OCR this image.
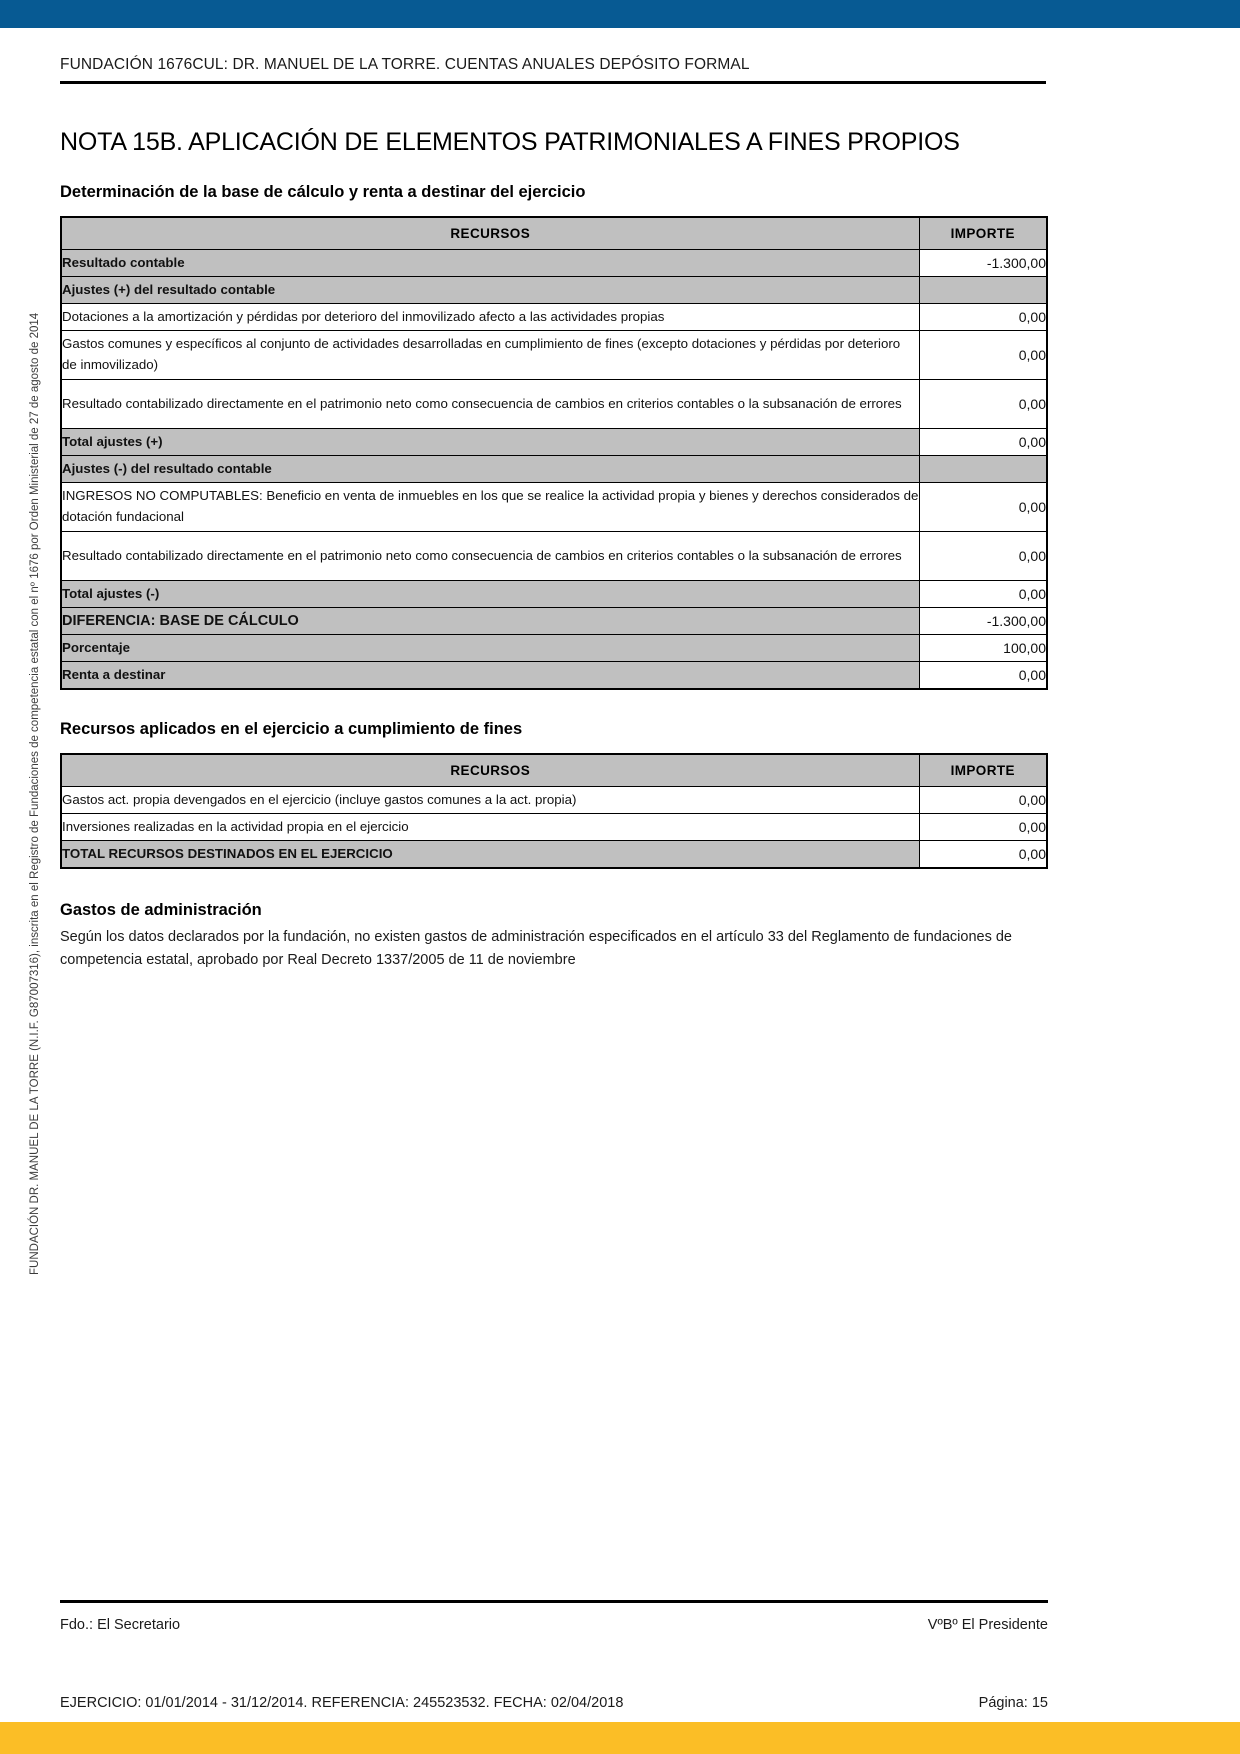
FUNDACIÓN DR. MANUEL DE LA TORRE (N.I.F. G87007316), inscrita en el Registro de Fundaciones de competencia estatal con el nº 1676 por Orden Ministerial de 27 de agosto de 2014
FUNDACIÓN 1676CUL: DR. MANUEL DE LA TORRE. CUENTAS ANUALES DEPÓSITO FORMAL
NOTA 15B. APLICACIÓN DE ELEMENTOS PATRIMONIALES A FINES PROPIOS
Determinación de la base de cálculo y renta a destinar del ejercicio
RECURSOS	IMPORTE
Resultado contable	-1.300,00
Ajustes (+) del resultado contable	
Dotaciones a la amortización y pérdidas por deterioro del inmovilizado afecto a las actividades propias	0,00
Gastos comunes y específicos al conjunto de actividades desarrolladas en cumplimiento de fines (excepto dotaciones y pérdidas por deterioro de inmovilizado)	0,00
Resultado contabilizado directamente en el patrimonio neto como consecuencia de cambios en criterios contables o la subsanación de errores	0,00
Total ajustes (+)	0,00
Ajustes (-) del resultado contable	
INGRESOS NO COMPUTABLES: Beneficio en venta de inmuebles en los que se realice la actividad propia y bienes y derechos considerados de dotación fundacional	0,00
Resultado contabilizado directamente en el patrimonio neto como consecuencia de cambios en criterios contables o la subsanación de errores	0,00
Total ajustes (-)	0,00
DIFERENCIA: BASE DE CÁLCULO	-1.300,00
Porcentaje	100,00
Renta a destinar	0,00
Recursos aplicados en el ejercicio a cumplimiento de fines
RECURSOS	IMPORTE
Gastos act. propia devengados en el ejercicio (incluye gastos comunes a la act. propia)	0,00
Inversiones realizadas en la actividad propia en el ejercicio	0,00
TOTAL RECURSOS DESTINADOS EN EL EJERCICIO	0,00
Gastos de administración

Según los datos declarados por la fundación, no existen gastos de administración especificados en el artículo 33 del Reglamento de fundaciones de competencia estatal, aprobado por Real Decreto 1337/2005 de 11 de noviembre

Fdo.: El Secretario	VºBº El Presidente
EJERCICIO: 01/01/2014 - 31/12/2014. REFERENCIA: 245523532. FECHA: 02/04/2018	Página: 15
